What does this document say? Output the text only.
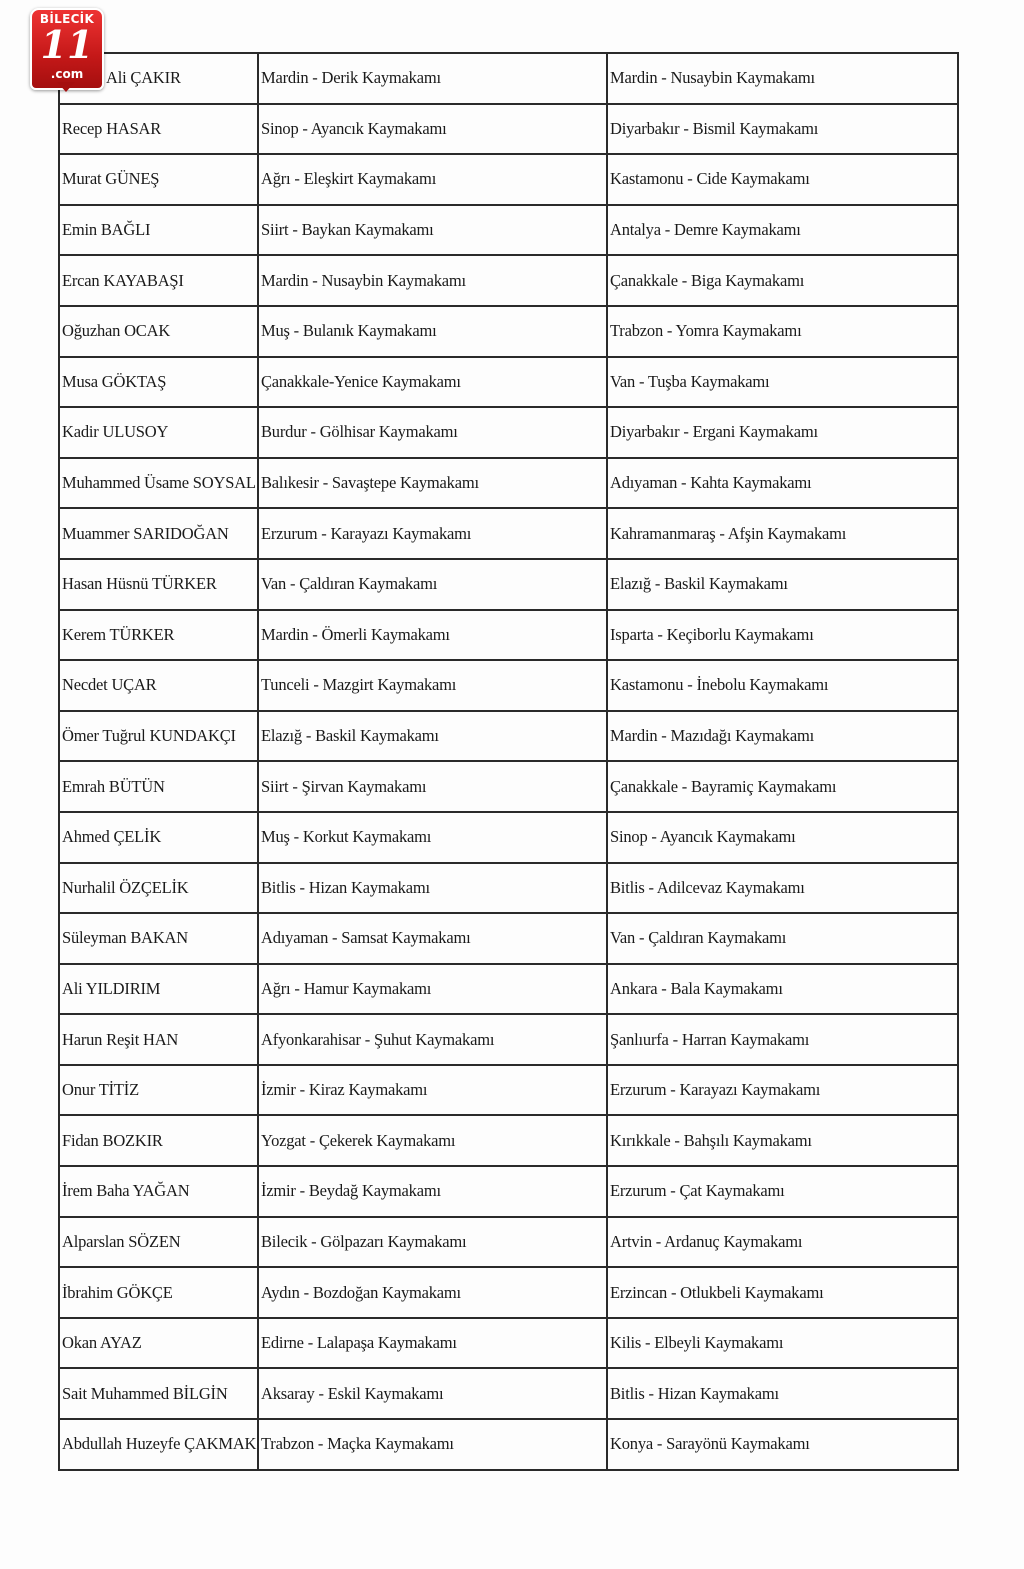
BİLECİK
11
.com	Ali ÇAKIR	Mardin - Derik Kaymakamı	Mardin - Nusaybin Kaymakamı
Recep HASAR	Sinop - Ayancık Kaymakamı	Diyarbakır - Bismil Kaymakamı
Murat GÜNEŞ	Ağrı - Eleşkirt Kaymakamı	Kastamonu - Cide Kaymakamı
Emin BAĞLI	Siirt - Baykan Kaymakamı	Antalya - Demre Kaymakamı
Ercan KAYABAŞI	Mardin - Nusaybin Kaymakamı	Çanakkale - Biga Kaymakamı
Oğuzhan OCAK	Muş - Bulanık Kaymakamı	Trabzon - Yomra Kaymakamı
Musa GÖKTAŞ	Çanakkale-Yenice Kaymakamı	Van - Tuşba Kaymakamı
Kadir ULUSOY	Burdur - Gölhisar Kaymakamı	Diyarbakır - Ergani Kaymakamı
Muhammed Üsame SOYSAL	Balıkesir - Savaştepe Kaymakamı	Adıyaman - Kahta Kaymakamı
Muammer SARIDOĞAN	Erzurum - Karayazı Kaymakamı	Kahramanmaraş - Afşin Kaymakamı
Hasan Hüsnü TÜRKER	Van - Çaldıran Kaymakamı	Elazığ - Baskil Kaymakamı
Kerem TÜRKER	Mardin - Ömerli Kaymakamı	Isparta - Keçiborlu Kaymakamı
Necdet UÇAR	Tunceli - Mazgirt Kaymakamı	Kastamonu - İnebolu Kaymakamı
Ömer Tuğrul KUNDAKÇI	Elazığ - Baskil Kaymakamı	Mardin - Mazıdağı Kaymakamı
Emrah BÜTÜN	Siirt - Şirvan Kaymakamı	Çanakkale - Bayramiç Kaymakamı
Ahmed ÇELİK	Muş - Korkut Kaymakamı	Sinop - Ayancık Kaymakamı
Nurhalil ÖZÇELİK	Bitlis - Hizan Kaymakamı	Bitlis - Adilcevaz Kaymakamı
Süleyman BAKAN	Adıyaman - Samsat Kaymakamı	Van - Çaldıran Kaymakamı
Ali YILDIRIM	Ağrı - Hamur Kaymakamı	Ankara - Bala Kaymakamı
Harun Reşit HAN	Afyonkarahisar - Şuhut Kaymakamı	Şanlıurfa - Harran Kaymakamı
Onur TİTİZ	İzmir - Kiraz Kaymakamı	Erzurum - Karayazı Kaymakamı
Fidan BOZKIR	Yozgat - Çekerek Kaymakamı	Kırıkkale - Bahşılı Kaymakamı
İrem Baha YAĞAN	İzmir - Beydağ Kaymakamı	Erzurum - Çat Kaymakamı
Alparslan SÖZEN	Bilecik - Gölpazarı Kaymakamı	Artvin - Ardanuç Kaymakamı
İbrahim GÖKÇE	Aydın - Bozdoğan Kaymakamı	Erzincan - Otlukbeli Kaymakamı
Okan AYAZ	Edirne - Lalapaşa Kaymakamı	Kilis - Elbeyli Kaymakamı
Sait Muhammed BİLGİN	Aksaray - Eskil Kaymakamı	Bitlis - Hizan Kaymakamı
Abdullah Huzeyfe ÇAKMAK	Trabzon - Maçka Kaymakamı	Konya - Sarayönü Kaymakamı
